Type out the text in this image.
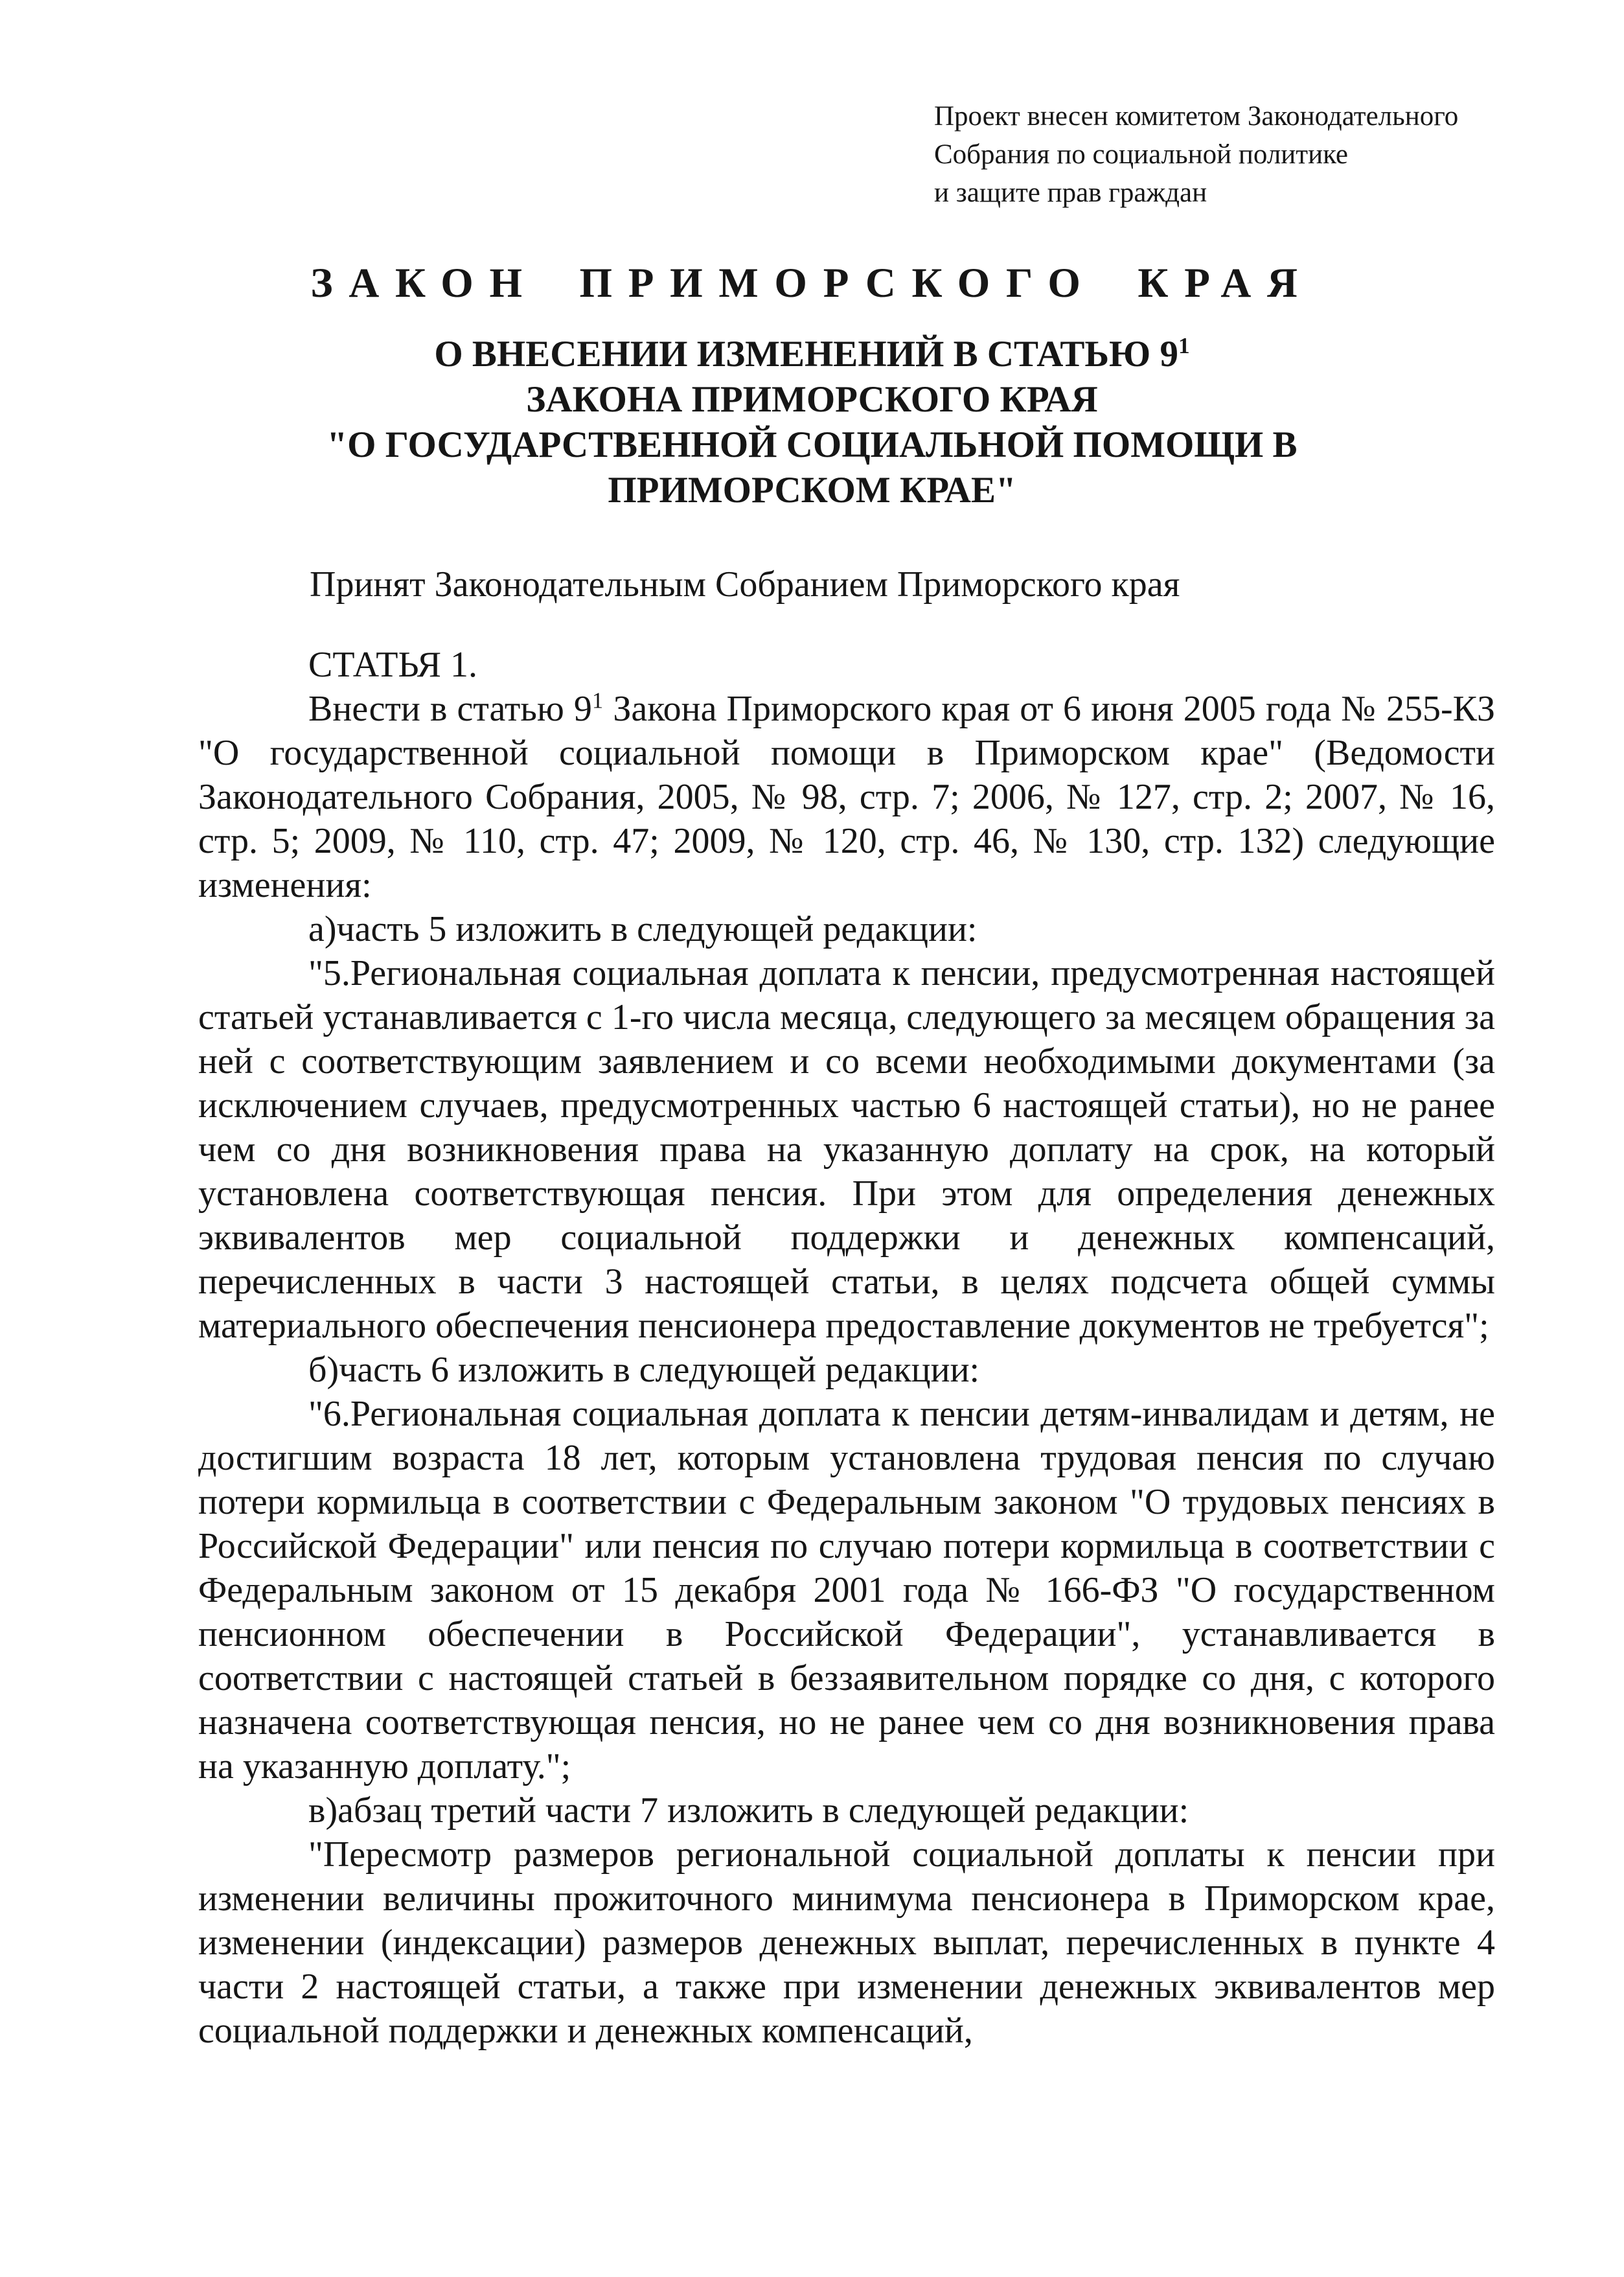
Проект внесен комитетом Законодательного
Собрания по социальной политике
и защите прав граждан
ЗАКОН ПРИМОРСКОГО КРАЯ
О ВНЕСЕНИИ ИЗМЕНЕНИЙ В СТАТЬЮ $9^1$
ЗАКОНА ПРИМОРСКОГО КРАЯ
"О ГОСУДАРСТВЕННОЙ СОЦИАЛЬНОЙ ПОМОЩИ В
ПРИМОРСКОМ КРАЕ"
Принят Законодательным Собранием Приморского края

СТАТЬЯ 1.

Внести в статью $9^1$ Закона Приморского края от 6 июня 2005 года № 255-КЗ "О государственной социальной помощи в Приморском крае" (Ведомости Законодательного Собрания, 2005, № 98, стр. 7; 2006, № 127, стр. 2; 2007, № 16, стр. 5; 2009, № 110, стр. 47; 2009, № 120, стр. 46, № 130, стр. 132) следующие изменения:

а)часть 5 изложить в следующей редакции:

"5.Региональная социальная доплата к пенсии, предусмотренная настоящей статьей устанавливается с 1-го числа месяца, следующего за месяцем обращения за ней с соответствующим заявлением и со всеми необходимыми документами (за исключением случаев, предусмотренных частью 6 настоящей статьи), но не ранее чем со дня возникновения права на указанную доплату на срок, на который установлена соответствующая пенсия. При этом для определения денежных эквивалентов мер социальной поддержки и денежных компенсаций, перечисленных в части 3 настоящей статьи, в целях подсчета общей суммы материального обеспечения пенсионера предоставление документов не требуется";

б)часть 6 изложить в следующей редакции:

"6.Региональная социальная доплата к пенсии детям-инвалидам и детям, не достигшим возраста 18 лет, которым установлена трудовая пенсия по случаю потери кормильца в соответствии с Федеральным законом "О трудовых пенсиях в Российской Федерации" или пенсия по случаю потери кормильца в соответствии с Федеральным законом от 15 декабря 2001 года № 166-ФЗ "О государственном пенсионном обеспечении в Российской Федерации", устанавливается в соответствии с настоящей статьей в беззаявительном порядке со дня, с которого назначена соответствующая пенсия, но не ранее чем со дня возникновения права на указанную доплату.";

в)абзац третий части 7 изложить в следующей редакции:

"Пересмотр размеров региональной социальной доплаты к пенсии при изменении величины прожиточного минимума пенсионера в Приморском крае, изменении (индексации) размеров денежных выплат, перечисленных в пункте 4 части 2 настоящей статьи, а также при изменении денежных эквивалентов мер социальной поддержки и денежных компенсаций,
